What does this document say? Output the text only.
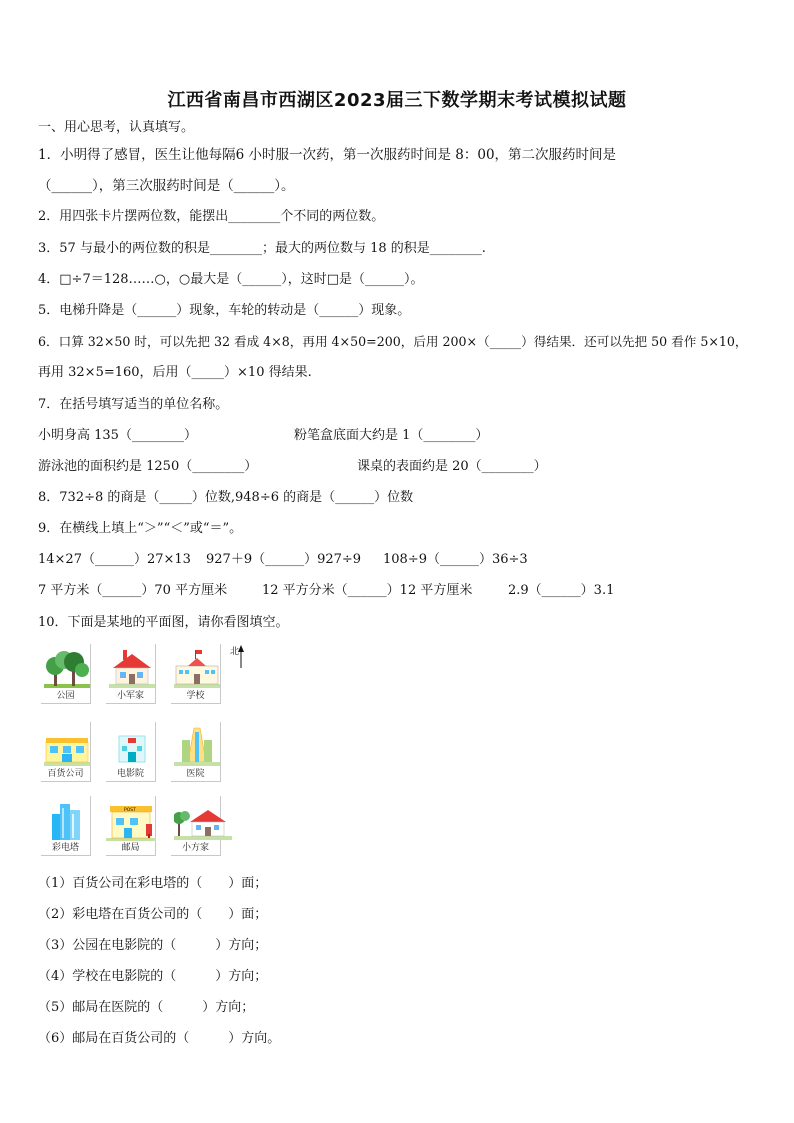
江西省南昌市西湖区2023届三下数学期末考试模拟试题
一、用心思考，认真填写。
1．小明得了感冒，医生让他每隔6 小时服一次药，第一次服药时间是 8：00，第二次服药时间是
（______），第三次服药时间是（______）。
2．用四张卡片摆两位数，能摆出________个不同的两位数。
3．57 与最小的两位数的积是________；最大的两位数与 18 的积是________.
4．□÷7＝128……○，○最大是（______），这时□是（______）。
5．电梯升降是（______）现象，车轮的转动是（______）现象。
6．口算 32×50 时，可以先把 32 看成 4×8，再用 4×50=200，后用 200×（_____）得结果．还可以先把 50 看作 5×10，
再用 32×5=160，后用（_____）×10 得结果.
7．在括号填写适当的单位名称。
小明身高 135（________）	粉笔盒底面大约是 1（________）
游泳池的面积约是 1250（________）	课桌的表面约是 20（________）
8．732÷8 的商是（_____）位数,948÷6 的商是（______）位数
9．在横线上填上“＞”“＜”或“＝”。
14×27（______）27×13 927＋9（______）927÷9 108÷9（______）36÷3
7 平方米（______）70 平方厘米	12 平方分米（______）12 平方厘米	2.9（______）3.1
10．下面是某地的平面图，请你看图填空。
北
公园	小军家	学校
百货公司	电影院	医院
彩电塔
POST
邮局	小方家
（1）百货公司在彩电塔的（　　）面；
（2）彩电塔在百货公司的（　　）面；
（3）公园在电影院的（　　　）方向；
（4）学校在电影院的（　　　）方向；
（5）邮局在医院的（　　　）方向；
（6）邮局在百货公司的（　　　）方向。
